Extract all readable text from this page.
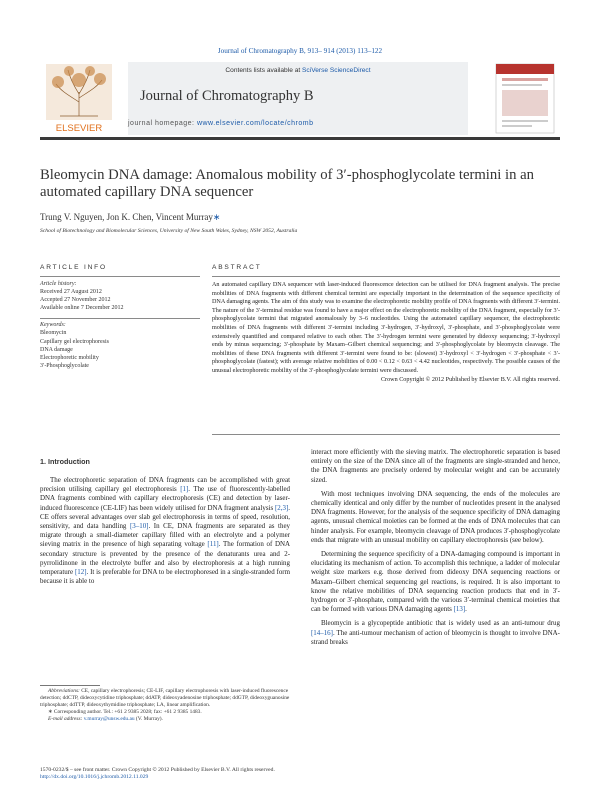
Journal of Chromatography B, 913– 914 (2013) 113–122
ELSEVIER
Contents lists available at SciVerse ScienceDirect
Journal of Chromatography B
journal homepage: www.elsevier.com/locate/chromb
Bleomycin DNA damage: Anomalous mobility of 3′-phosphoglycolate termini in an automated capillary DNA sequencer
Trung V. Nguyen, Jon K. Chen, Vincent Murray∗
School of Biotechnology and Biomolecular Sciences, University of New South Wales, Sydney, NSW 2052, Australia
ARTICLE INFO	ABSTRACT
Article history:
Received 27 August 2012
Accepted 27 November 2012
Available online 7 December 2012
Keywords:
Bleomycin
Capillary gel electrophoresis
DNA damage
Electrophoretic mobility
3′-Phosphoglycolate
An automated capillary DNA sequencer with laser-induced fluorescence detection can be utilised for DNA fragment analysis. The precise mobilities of DNA fragments with different chemical termini are especially important in the determination of the sequence specificity of DNA damaging agents. The aim of this study was to examine the electrophoretic mobility profile of DNA fragments with different 3′-termini. The nature of the 3′-terminal residue was found to have a major effect on the electrophoretic mobility of the DNA fragment, especially for 3′-phosphoglycolate termini that migrated anomalously by 3–6 nucleotides. Using the automated capillary sequencer, the electrophoretic mobilities of DNA fragments with different 3′-termini including 3′-hydrogen, 3′-hydroxyl, 3′-phosphate, and 3′-phosphoglycolate were extensively quantified and compared relative to each other. The 3′-hydrogen termini were generated by dideoxy sequencing; 3′-hydroxyl ends by minus sequencing; 3′-phosphate by Maxam–Gilbert chemical sequencing; and 3′-phosphoglycolate by bleomycin cleavage. The mobilities of these DNA fragments with different 3′-termini were found to be: (slowest) 3′-hydroxyl < 3′-hydrogen < 3′-phosphate < 3′-phosphoglycolate (fastest); with average relative mobilities of 0.00 < 0.12 < 0.63 < 4.42 nucleotides, respectively. The possible causes of the unusual electrophoretic mobility of the 3′-phosphoglycolate termini were discussed.
Crown Copyright © 2012 Published by Elsevier B.V. All rights reserved.
1. Introduction

The electrophoretic separation of DNA fragments can be accomplished with great precision utilising capillary gel electrophoresis [1]. The use of fluorescently-labelled DNA fragments combined with capillary electrophoresis (CE) and detection by laser-induced fluorescence (CE-LIF) has been widely utilised for DNA fragment analysis [2,3]. CE offers several advantages over slab gel electrophoresis in terms of speed, resolution, sensitivity, and data handling [3–10]. In CE, DNA fragments are separated as they migrate through a small-diameter capillary filled with an electrolyte and a polymer sieving matrix in the presence of high separating voltage [11]. The formation of DNA secondary structure is prevented by the presence of the denaturants urea and 2-pyrrolidinone in the electrolyte buffer and also by electrophoresis at a high running temperature [12]. It is preferable for DNA to be electrophoresed in a single-stranded form because it is able to

interact more efficiently with the sieving matrix. The electrophoretic separation is based entirely on the size of the DNA since all of the fragments are single-stranded and hence, the DNA fragments are precisely ordered by molecular weight and can be accurately sized.

With most techniques involving DNA sequencing, the ends of the molecules are chemically identical and only differ by the number of nucleotides present in the analysed DNA fragments. However, for the analysis of the sequence specificity of DNA damaging agents, unusual chemical moieties can be formed at the ends of DNA molecules that can hinder analysis. For example, bleomycin cleavage of DNA produces 3′-phosphoglycolate ends that migrate with an unusual mobility on capillary electrophoresis (see below).

Determining the sequence specificity of a DNA-damaging compound is important in elucidating its mechanism of action. To accomplish this technique, a ladder of molecular weight size markers e.g. those derived from dideoxy DNA sequencing reactions or Maxam–Gilbert chemical sequencing gel reactions, is required. It is also important to know the relative mobilities of DNA sequencing reaction products that end in 3′-hydrogen or 3′-phosphate, compared with the various 3′-terminal chemical moieties that can be formed with various DNA damaging agents [13].

Bleomycin is a glycopeptide antibiotic that is widely used as an anti-tumour drug [14–16]. The anti-tumour mechanism of action of bleomycin is thought to involve DNA-strand breaks

Abbreviations: CE, capillary electrophoresis; CE-LIF, capillary electrophoresis with laser-induced fluorescence detection; ddCTP, dideoxycytidine triphosphate; ddATP, dideoxyadenosine triphosphate; ddGTP, dideoxyguanosine triphosphate; ddTTP, dideoxythymidine triphosphate; LA, linear amplification.

∗ Corresponding author. Tel.: +61 2 9385 2028; fax: +61 2 9385 1483.

E-mail address: v.murray@unsw.edu.au (V. Murray).

1570-0232/$ – see front matter. Crown Copyright © 2012 Published by Elsevier B.V. All rights reserved.
http://dx.doi.org/10.1016/j.jchromb.2012.11.029
